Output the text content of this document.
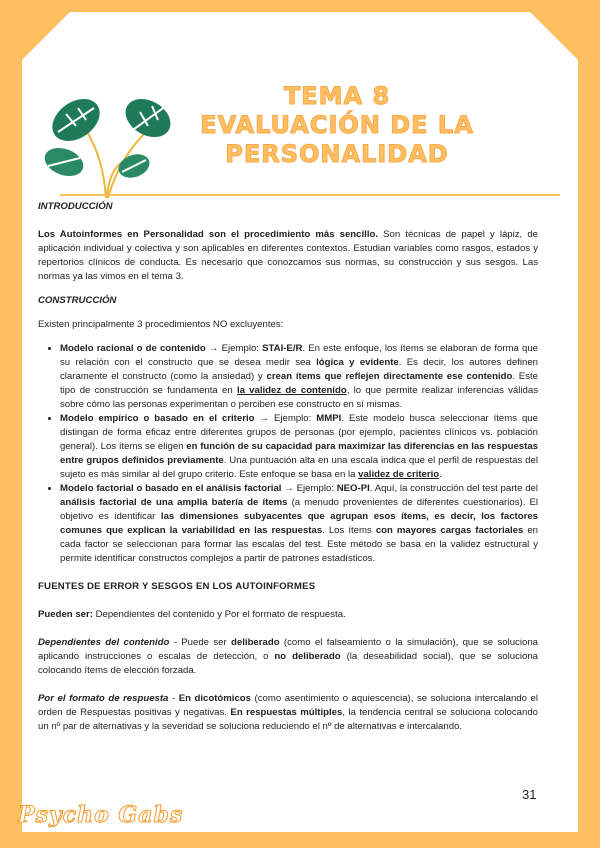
TEMA 8
EVALUACIÓN DE LA
PERSONALIDAD

INTRODUCCIÓN

Los Autoinformes en Personalidad son el procedimiento más sencillo. Son técnicas de papel y lápiz, de aplicación individual y colectiva y son aplicables en diferentes contextos. Estudian variables como rasgos, estados y repertorios clínicos de conducta. Es necesario que conozcamos sus normas, su construcción y sus sesgos. Las normas ya las vimos en el tema 3.

CONSTRUCCIÓN

Existen principalmente 3 procedimientos NO excluyentes:

• Modelo racional o de contenido → Ejemplo: STAI-E/R. En este enfoque, los ítems se elaboran de forma que su relación con el constructo que se desea medir sea lógica y evidente. Es decir, los autores definen claramente el constructo (como la ansiedad) y crean ítems que reflejen directamente ese contenido. Este tipo de construcción se fundamenta en la validez de contenido, lo que permite realizar inferencias válidas sobre cómo las personas experimentan o perciben ese constructo en sí mismas.
• Modelo empírico o basado en el criterio → Ejemplo: MMPI. Este modelo busca seleccionar ítems que distingan de forma eficaz entre diferentes grupos de personas (por ejemplo, pacientes clínicos vs. población general). Los ítems se eligen en función de su capacidad para maximizar las diferencias en las respuestas entre grupos definidos previamente. Una puntuación alta en una escala indica que el perfil de respuestas del sujeto es más similar al del grupo criterio. Este enfoque se basa en la validez de criterio.
• Modelo factorial o basado en el análisis factorial → Ejemplo: NEO-PI. Aquí, la construcción del test parte del análisis factorial de una amplia batería de ítems (a menudo provenientes de diferentes cuestionarios). El objetivo es identificar las dimensiones subyacentes que agrupan esos ítems, es decir, los factores comunes que explican la variabilidad en las respuestas. Los ítems con mayores cargas factoriales en cada factor se seleccionan para formar las escalas del test. Este método se basa en la validez estructural y permite identificar constructos complejos a partir de patrones estadísticos.

FUENTES DE ERROR Y SESGOS EN LOS AUTOINFORMES

Pueden ser: Dependientes del contenido y Por el formato de respuesta.

Dependientes del contenido - Puede ser deliberado (como el falseamiento o la simulación), que se soluciona aplicando instrucciones o escalas de detección, o no deliberado (la deseabilidad social), que se soluciona colocando ítems de elección forzada.

Por el formato de respuesta - En dicotómicos (como asentimiento o aquiescencia), se soluciona intercalando el orden de Respuestas positivas y negativas. En respuestas múltiples, la tendencia central se soluciona colocando un nº par de alternativas y la severidad se soluciona reduciendo el nº de alternativas e intercalando.

31
Psycho Gabs
